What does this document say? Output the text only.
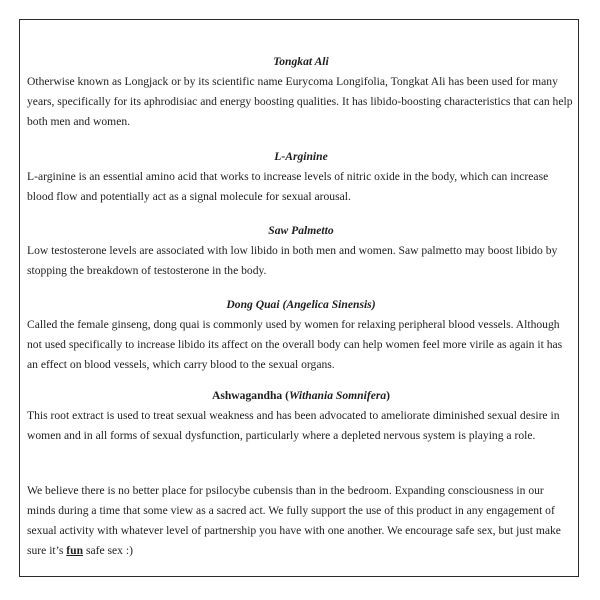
Tongkat Ali

Otherwise known as Longjack or by its scientific name Eurycoma Longifolia, Tongkat Ali has been used for many years, specifically for its aphrodisiac and energy boosting qualities. It has libido-boosting characteristics that can help both men and women.

L-Arginine

L-arginine is an essential amino acid that works to increase levels of nitric oxide in the body, which can increase blood flow and potentially act as a signal molecule for sexual arousal.

Saw Palmetto

Low testosterone levels are associated with low libido in both men and women. Saw palmetto may boost libido by stopping the breakdown of testosterone in the body.

Dong Quai (Angelica Sinensis)

Called the female ginseng, dong quai is commonly used by women for relaxing peripheral blood vessels. Although not used specifically to increase libido its affect on the overall body can help women feel more virile as again it has an effect on blood vessels, which carry blood to the sexual organs.

Ashwagandha (Withania Somnifera)

This root extract is used to treat sexual weakness and has been advocated to ameliorate diminished sexual desire in women and in all forms of sexual dysfunction, particularly where a depleted nervous system is playing a role.

We believe there is no better place for psilocybe cubensis than in the bedroom. Expanding consciousness in our minds during a time that some view as a sacred act. We fully support the use of this product in any engagement of sexual activity with whatever level of partnership you have with one another. We encourage safe sex, but just make sure it’s fun safe sex :)
